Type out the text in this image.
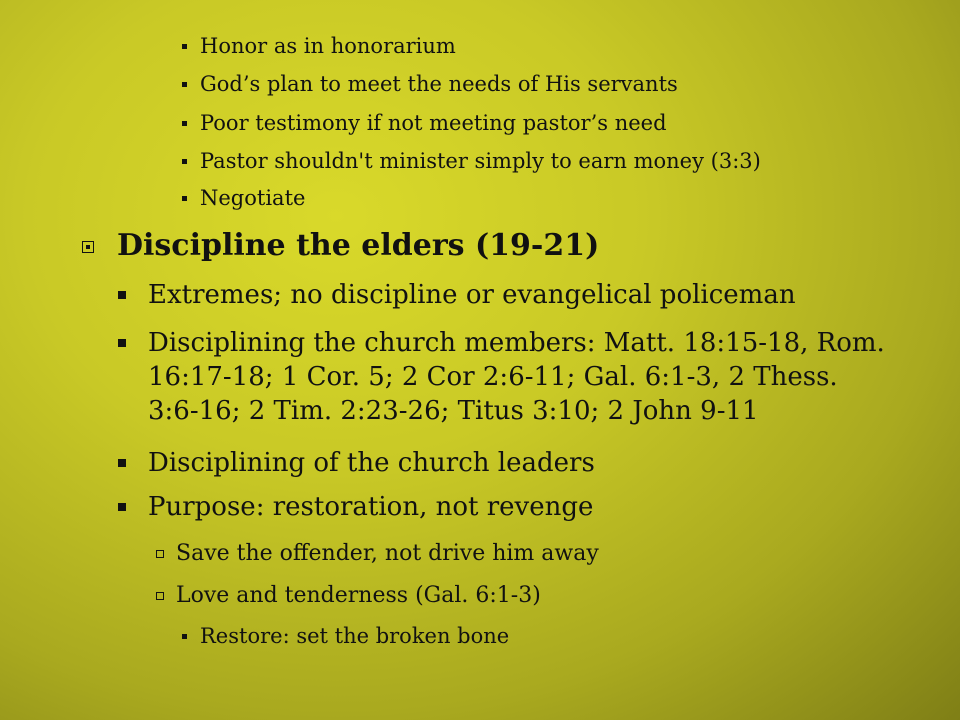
Honor as in honorarium
God’s plan to meet the needs of His servants
Poor testimony if not meeting pastor’s need
Pastor shouldn't minister simply to earn money (3:3)
Negotiate
Discipline the elders (19-21)
Extremes; no discipline or evangelical policeman
Disciplining the church members: Matt. 18:15-18, Rom. 16:17-18; 1 Cor. 5; 2 Cor 2:6-11; Gal. 6:1-3, 2 Thess. 3:6-16; 2 Tim. 2:23-26; Titus 3:10; 2 John 9-11
Disciplining of the church leaders
Purpose: restoration, not revenge
Save the offender, not drive him away
Love and tenderness (Gal. 6:1-3)
Restore: set the broken bone
